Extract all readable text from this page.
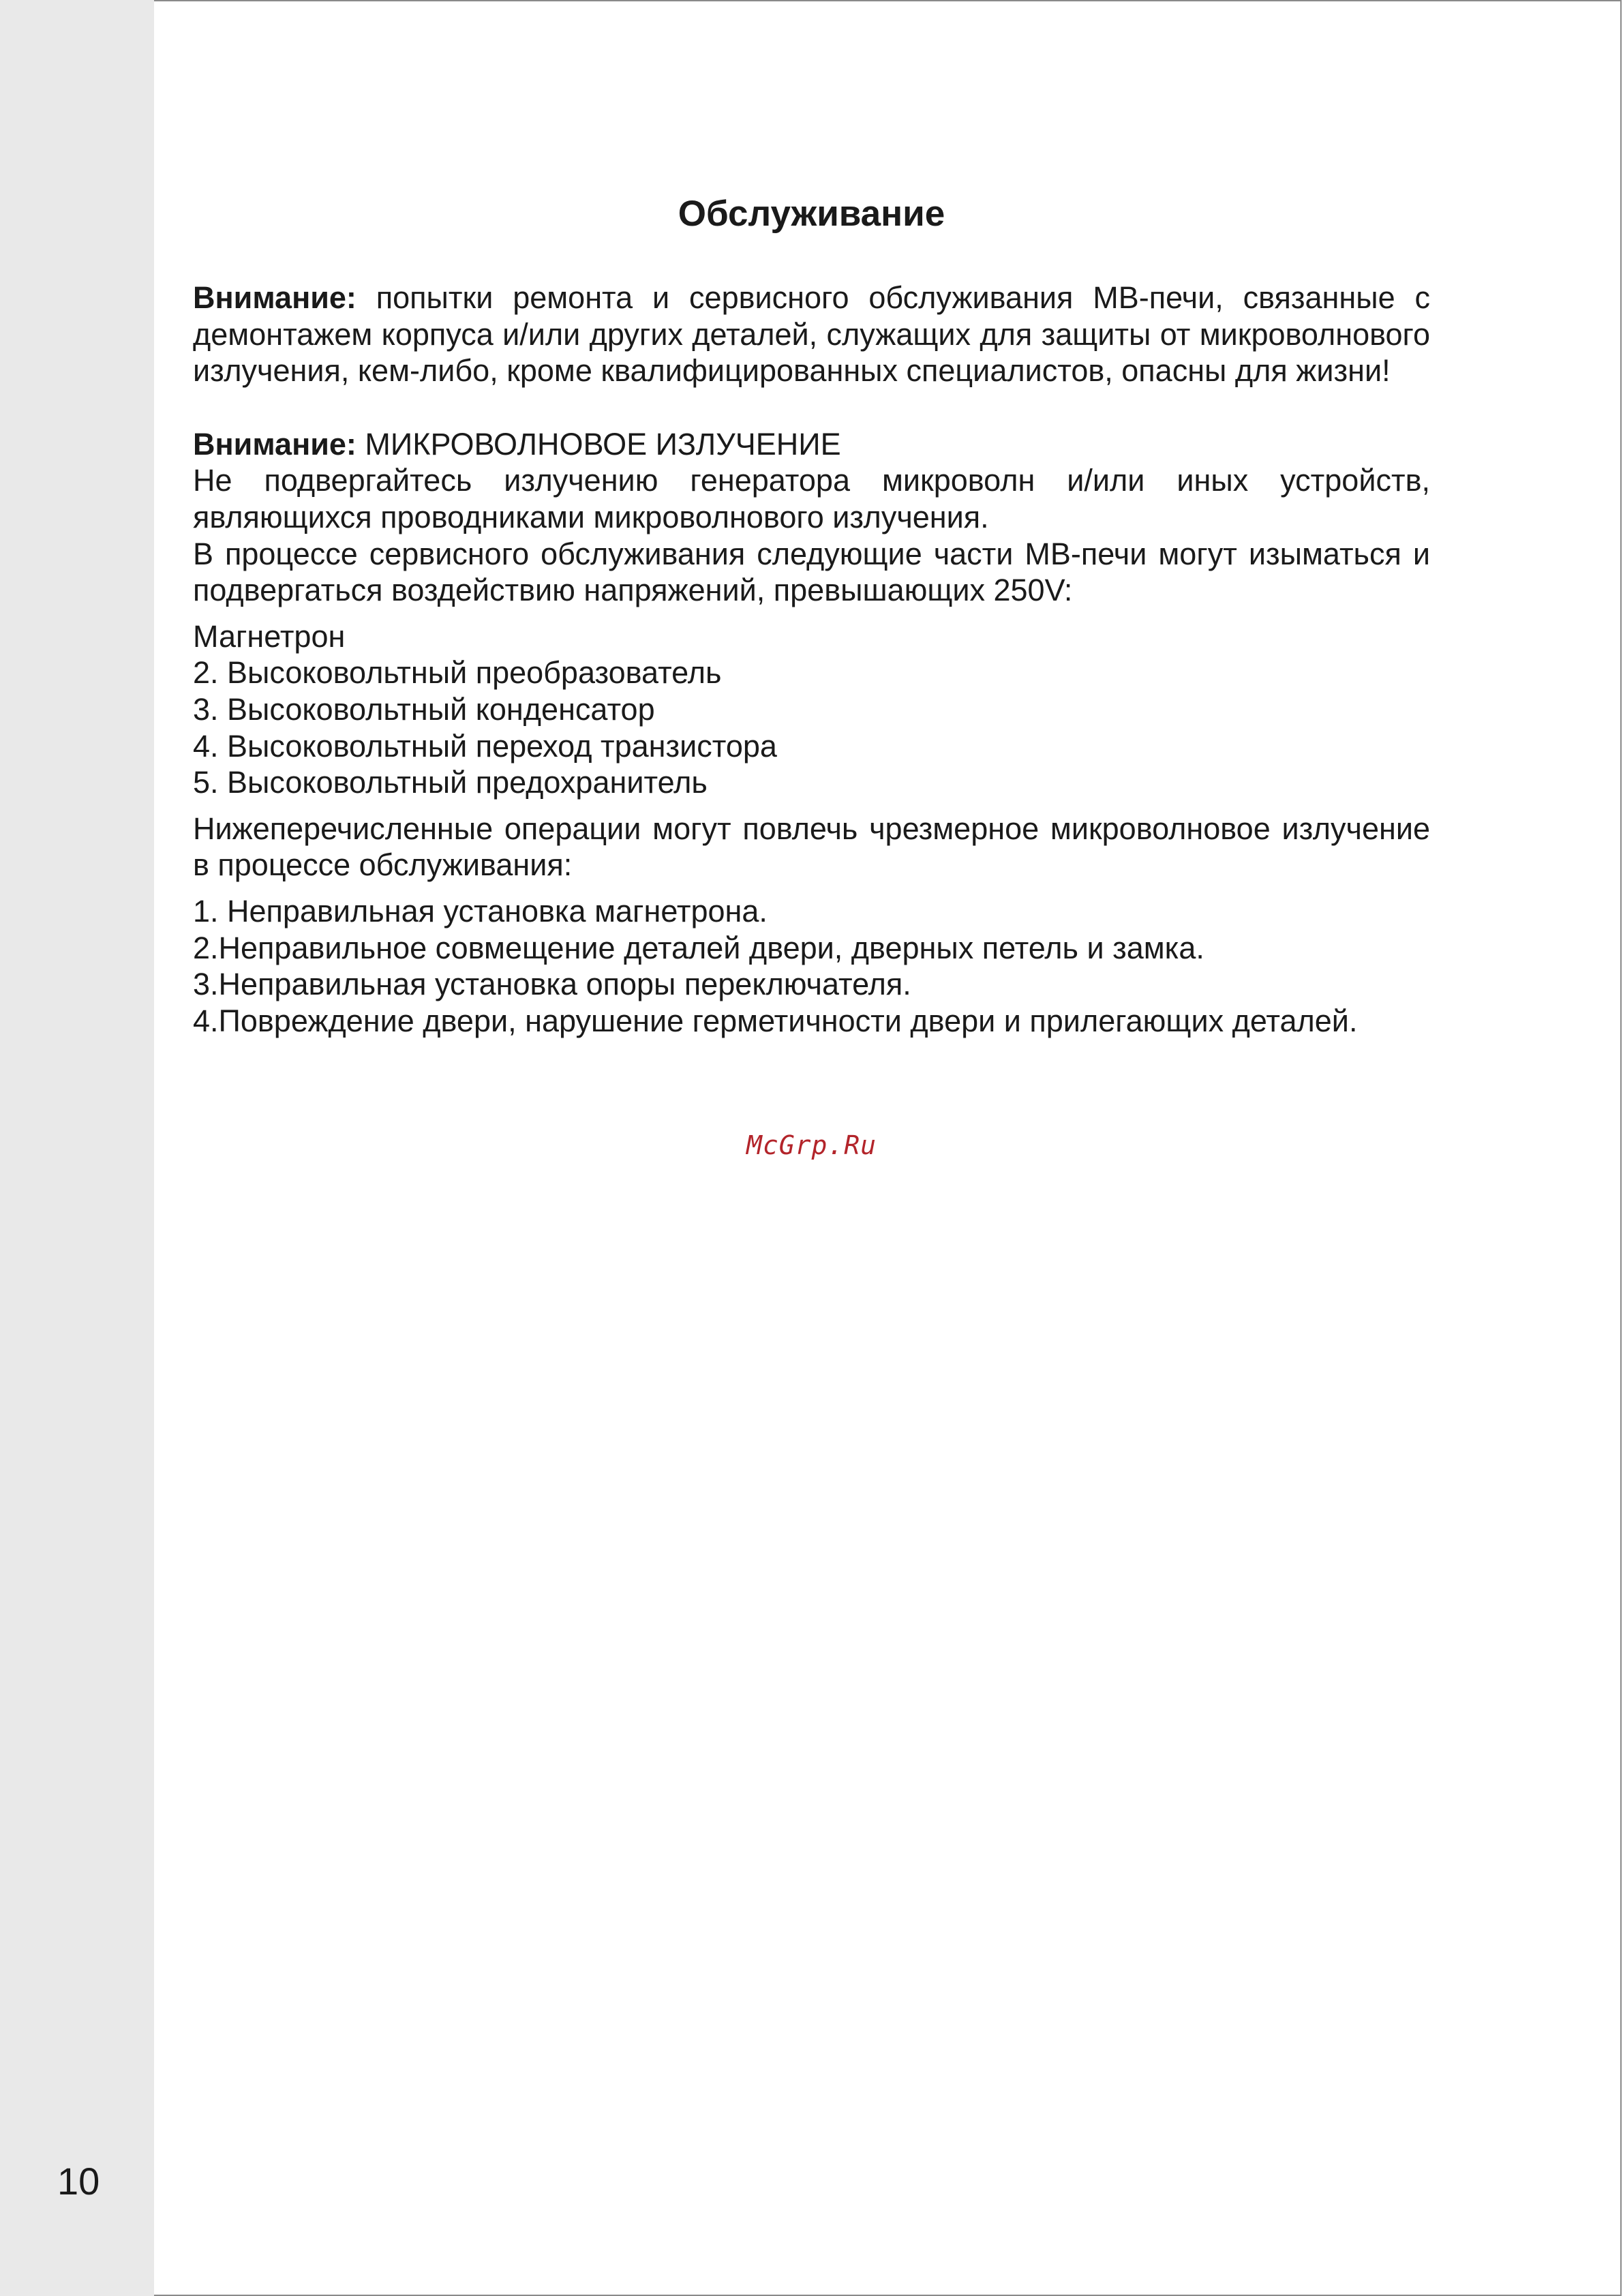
10
Обслуживание

Внимание: попытки ремонта и сервисного обслуживания МВ-печи, связанные с демонтажем корпуса и/или других деталей, служащих для защиты от микроволнового излучения, кем-либо, кроме квалифицированных специалистов, опасны для жизни!

Внимание: МИКРОВОЛНОВОЕ ИЗЛУЧЕНИЕ

Не подвергайтесь излучению генератора микроволн и/или иных устройств, являющихся проводниками микроволнового излучения.

В процессе сервисного обслуживания следующие части МВ-печи могут изыматься и подвергаться воздействию напряжений, превышающих 250V:

Магнетрон
2. Высоковольтный преобразователь
3. Высоковольтный конденсатор
4. Высоковольтный переход транзистора
5. Высоковольтный предохранитель

Нижеперечисленные операции могут повлечь чрезмерное микроволновое излучение в процессе обслуживания:

1. Неправильная установка магнетрона.
2.Неправильное совмещение деталей двери, дверных петель и замка.
3.Неправильная установка опоры переключателя.
4.Повреждение двери, нарушение герметичности двери и прилегающих деталей.
McGrp.Ru
